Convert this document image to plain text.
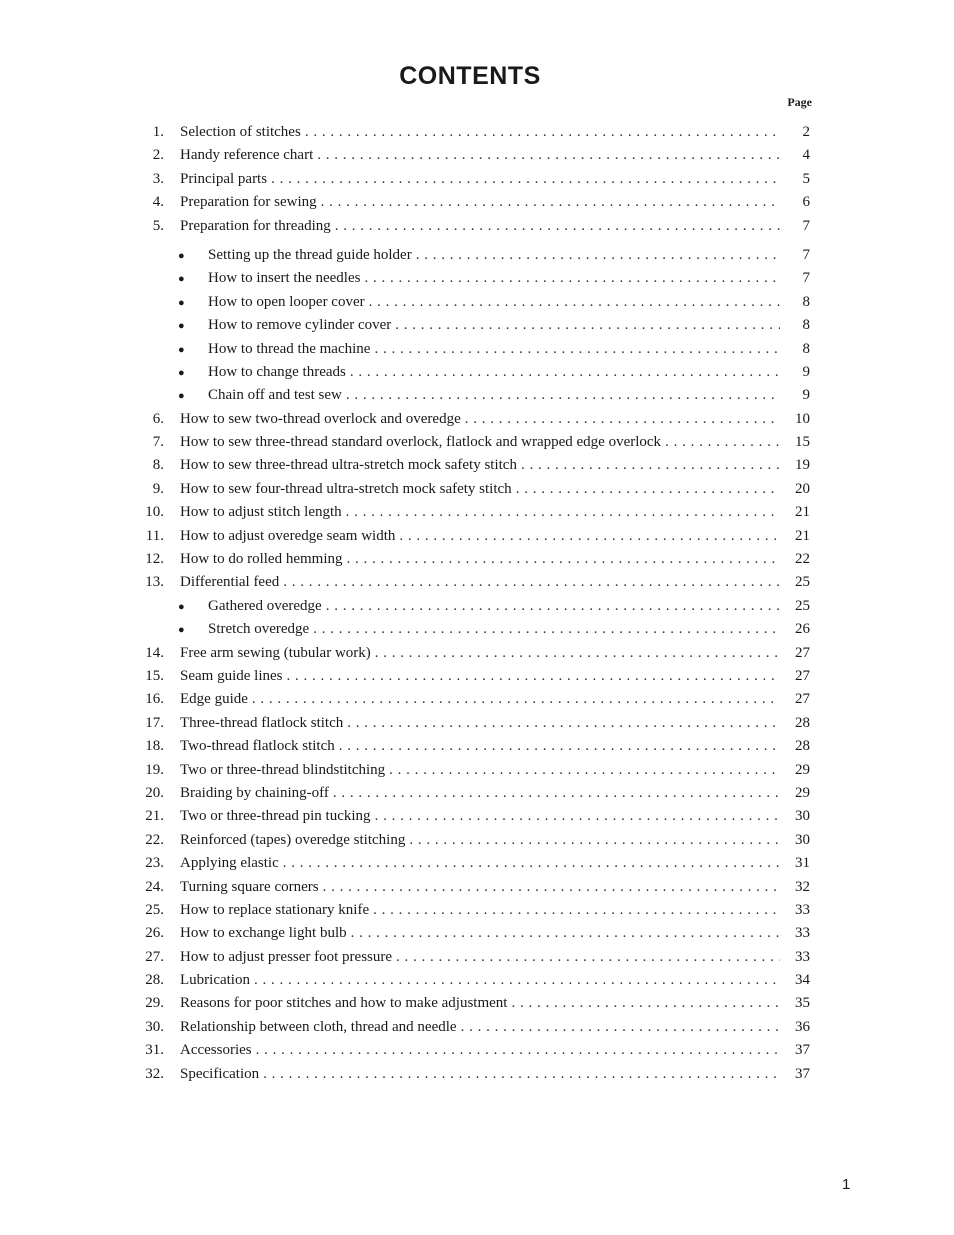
CONTENTS
Page
1. Selection of stitches . . .	2
2. Handy reference chart . . .	4
3. Principal parts . . .	5
4. Preparation for sewing . . .	6
5. Preparation for threading . . .	7
●	Setting up the thread guide holder . . .	7
●	How to insert the needles . . .	7
●	How to open looper cover . . .	8
●	How to remove cylinder cover . . .	8
●	How to thread the machine . . .	8
●	How to change threads . . .	9
●	Chain off and test sew . . .	9
6. How to sew two-thread overlock and overedge . . .	10
7. How to sew three-thread standard overlock, flatlock and wrapped edge overlock . . .	15
8. How to sew three-thread ultra-stretch mock safety stitch . . .	19
9. How to sew four-thread ultra-stretch mock safety stitch . . .	20
10. How to adjust stitch length . . .	21
11. How to adjust overedge seam width . . .	21
12. How to do rolled hemming . . .	22
13. Differential feed . . .	25
●	Gathered overedge . . .	25
●	Stretch overedge . . .	26
14. Free arm sewing (tubular work) . . .	27
15. Seam guide lines . . .	27
16. Edge guide . . .	27
17. Three-thread flatlock stitch . . .	28
18. Two-thread flatlock stitch . . .	28
19. Two or three-thread blindstitching . . .	29
20. Braiding by chaining-off . . .	29
21. Two or three-thread pin tucking . . .	30
22. Reinforced (tapes) overedge stitching . . .	30
23. Applying elastic . . .	31
24. Turning square corners . . .	32
25. How to replace stationary knife . . .	33
26. How to exchange light bulb . . .	33
27. How to adjust presser foot pressure . . .	33
28. Lubrication . . .	34
29. Reasons for poor stitches and how to make adjustment . . .	35
30. Relationship between cloth, thread and needle . . .	36
31. Accessories . . .	37
32. Specification . . .	37
1
